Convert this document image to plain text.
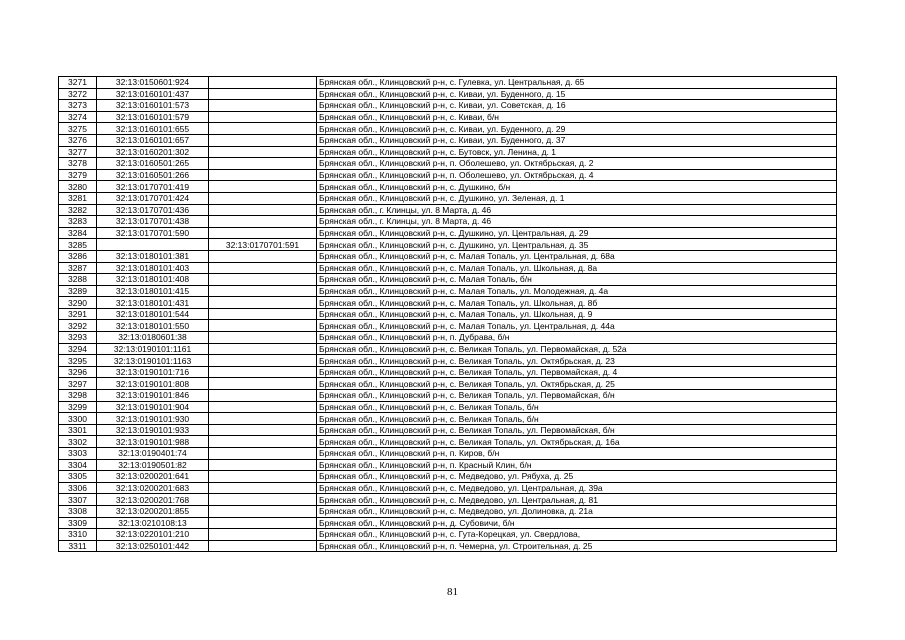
3271	32:13:0150601:924		Брянская обл., Клинцовский р-н, с. Гулевка, ул. Центральная, д. 65
3272	32:13:0160101:437		Брянская обл., Клинцовский р-н, с. Киваи, ул. Буденного, д. 15
3273	32:13:0160101:573		Брянская обл., Клинцовский р-н, с. Киваи, ул. Советская, д. 16
3274	32:13:0160101:579		Брянская обл., Клинцовский р-н, с. Киваи, б/н
3275	32:13:0160101:655		Брянская обл., Клинцовский р-н, с. Киваи, ул. Буденного, д. 29
3276	32:13:0160101:657		Брянская обл., Клинцовский р-н, с. Киваи, ул. Буденного, д. 37
3277	32:13:0160201:302		Брянская обл., Клинцовский р-н, с. Бутовск, ул. Ленина, д. 1
3278	32:13:0160501:265		Брянская обл., Клинцовский р-н, п. Оболешево, ул. Октябрьская, д. 2
3279	32:13:0160501:266		Брянская обл., Клинцовский р-н, п. Оболешево, ул. Октябрьская, д. 4
3280	32:13:0170701:419		Брянская обл., Клинцовский р-н, с. Душкино, б/н
3281	32:13:0170701:424		Брянская обл., Клинцовский р-н, с. Душкино, ул. Зеленая, д. 1
3282	32:13:0170701:436		Брянская обл., г. Клинцы, ул. 8 Марта, д. 46
3283	32:13:0170701:438		Брянская обл., г. Клинцы, ул. 8 Марта, д. 46
3284	32:13:0170701:590		Брянская обл., Клинцовский р-н, с. Душкино, ул. Центральная, д. 29
3285		32:13:0170701:591	Брянская обл., Клинцовский р-н, с. Душкино, ул. Центральная, д. 35
3286	32:13:0180101:381		Брянская обл., Клинцовский р-н, с. Малая Топаль, ул. Центральная, д. 68а
3287	32:13:0180101:403		Брянская обл., Клинцовский р-н, с. Малая Топаль, ул. Школьная, д. 8а
3288	32:13:0180101:408		Брянская обл., Клинцовский р-н, с. Малая Топаль, б/н
3289	32:13:0180101:415		Брянская обл., Клинцовский р-н, с. Малая Топаль, ул. Молодежная, д. 4а
3290	32:13:0180101:431		Брянская обл., Клинцовский р-н, с. Малая Топаль, ул. Школьная, д. 8б
3291	32:13:0180101:544		Брянская обл., Клинцовский р-н, с. Малая Топаль, ул. Школьная, д. 9
3292	32:13:0180101:550		Брянская обл., Клинцовский р-н, с. Малая Топаль, ул. Центральная, д. 44а
3293	32:13:0180601:38		Брянская обл., Клинцовский р-н, п. Дубрава, б/н
3294	32:13:0190101:1161		Брянская обл., Клинцовский р-н, с. Великая Топаль, ул. Первомайская, д. 52а
3295	32:13:0190101:1163		Брянская обл., Клинцовский р-н, с. Великая Топаль, ул. Октябрьская, д. 23
3296	32:13:0190101:716		Брянская обл., Клинцовский р-н, с. Великая Топаль, ул. Первомайская, д. 4
3297	32:13:0190101:808		Брянская обл., Клинцовский р-н, с. Великая Топаль, ул. Октябрьская, д. 25
3298	32:13:0190101:846		Брянская обл., Клинцовский р-н, с. Великая Топаль, ул. Первомайская, б/н
3299	32:13:0190101:904		Брянская обл., Клинцовский р-н, с. Великая Топаль, б/н
3300	32:13:0190101:930		Брянская обл., Клинцовский р-н, с. Великая Топаль, б/н
3301	32:13:0190101:933		Брянская обл., Клинцовский р-н, с. Великая Топаль, ул. Первомайская, б/н
3302	32:13:0190101:988		Брянская обл., Клинцовский р-н, с. Великая Топаль, ул. Октябрьская, д. 16а
3303	32:13:0190401:74		Брянская обл., Клинцовский р-н, п. Киров, б/н
3304	32:13:0190501:82		Брянская обл., Клинцовский р-н, п. Красный Клин, б/н
3305	32:13:0200201:641		Брянская обл., Клинцовский р-н, с. Медведово, ул. Рябуха, д. 25
3306	32:13:0200201:683		Брянская обл., Клинцовский р-н, с. Медведово, ул. Центральная, д. 39а
3307	32:13:0200201:768		Брянская обл., Клинцовский р-н, с. Медведово, ул. Центральная, д. 81
3308	32:13:0200201:855		Брянская обл., Клинцовский р-н, с. Медведово, ул. Долиновка, д. 21а
3309	32:13:0210108:13		Брянская обл., Клинцовский р-н, д. Субовичи, б/н
3310	32:13:0220101:210		Брянская обл., Клинцовский р-н, с. Гута-Корецкая, ул. Свердлова,
3311	32:13:0250101:442		Брянская обл., Клинцовский р-н, п. Чемерна, ул. Строительная, д. 25
81
